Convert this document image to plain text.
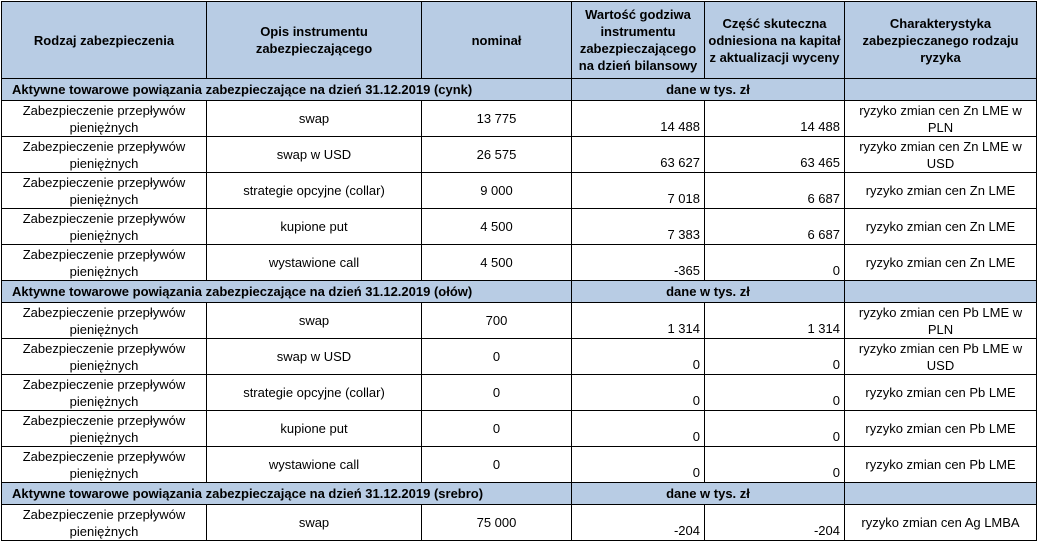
Rodzaj zabezpieczenia	Opis instrumentu zabezpieczającego	nominał	Wartość godziwa instrumentu zabezpieczającego na dzień bilansowy	Część skuteczna odniesiona na kapitał z aktualizacji wyceny	Charakterystyka zabezpieczanego rodzaju ryzyka
Aktywne towarowe powiązania zabezpieczające na dzień 31.12.2019 (cynk)			dane w tys. zł		
Zabezpieczenie przepływów pieniężnych	swap	13 775	14 488	14 488	ryzyko zmian cen Zn LME w PLN
Zabezpieczenie przepływów pieniężnych	swap w USD	26 575	63 627	63 465	ryzyko zmian cen Zn LME w USD
Zabezpieczenie przepływów pieniężnych	strategie opcyjne (collar)	9 000	7 018	6 687	ryzyko zmian cen Zn LME
Zabezpieczenie przepływów pieniężnych	kupione put	4 500	7 383	6 687	ryzyko zmian cen Zn LME
Zabezpieczenie przepływów pieniężnych	wystawione call	4 500	-365	0	ryzyko zmian cen Zn LME
Aktywne towarowe powiązania zabezpieczające na dzień 31.12.2019 (ołów)			dane w tys. zł		
Zabezpieczenie przepływów pieniężnych	swap	700	1 314	1 314	ryzyko zmian cen Pb LME w PLN
Zabezpieczenie przepływów pieniężnych	swap w USD	0	0	0	ryzyko zmian cen Pb LME w USD
Zabezpieczenie przepływów pieniężnych	strategie opcyjne (collar)	0	0	0	ryzyko zmian cen Pb LME
Zabezpieczenie przepływów pieniężnych	kupione put	0	0	0	ryzyko zmian cen Pb LME
Zabezpieczenie przepływów pieniężnych	wystawione call	0	0	0	ryzyko zmian cen Pb LME
Aktywne towarowe powiązania zabezpieczające na dzień 31.12.2019 (srebro)			dane w tys. zł		
Zabezpieczenie przepływów pieniężnych	swap	75 000	-204	-204	ryzyko zmian cen Ag LMBA
